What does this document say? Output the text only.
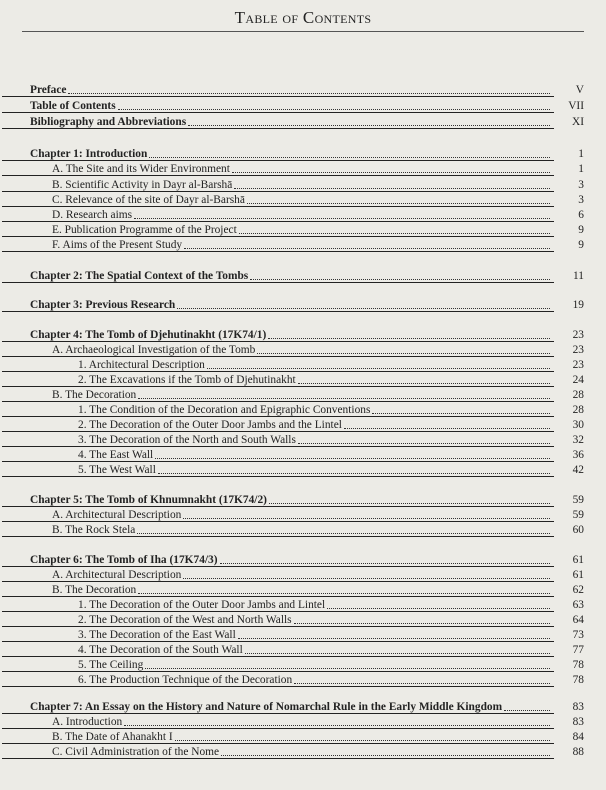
Table of Contents
Preface	V
Table of Contents	VII
Bibliography and Abbreviations	XI
Chapter 1: Introduction	1
A. The Site and its Wider Environment	1
B. Scientific Activity in Dayr al-Barshā	3
C. Relevance of the site of Dayr al-Barshā	3
D. Research aims	6
E. Publication Programme of the Project	9
F. Aims of the Present Study	9
Chapter 2: The Spatial Context of the Tombs	11
Chapter 3: Previous Research	19
Chapter 4: The Tomb of Djehutinakht (17K74/1)	23
A. Archaeological Investigation of the Tomb	23
1. Architectural Description	23
2. The Excavations if the Tomb of Djehutinakht	24
B. The Decoration	28
1. The Condition of the Decoration and Epigraphic Conventions	28
2. The Decoration of the Outer Door Jambs and the Lintel	30
3. The Decoration of the North and South Walls	32
4. The East Wall	36
5. The West Wall	42
Chapter 5: The Tomb of Khnumnakht (17K74/2)	59
A. Architectural Description	59
B. The Rock Stela	60
Chapter 6: The Tomb of Iha (17K74/3)	61
A. Architectural Description	61
B. The Decoration	62
1. The Decoration of the Outer Door Jambs and Lintel	63
2. The Decoration of the West and North Walls	64
3. The Decoration of the East Wall	73
4. The Decoration of the South Wall	77
5. The Ceiling	78
6. The Production Technique of the Decoration	78
Chapter 7: An Essay on the History and Nature of Nomarchal Rule in the Early Middle Kingdom	83
A. Introduction	83
B. The Date of Ahanakht I	84
C. Civil Administration of the Nome	88
